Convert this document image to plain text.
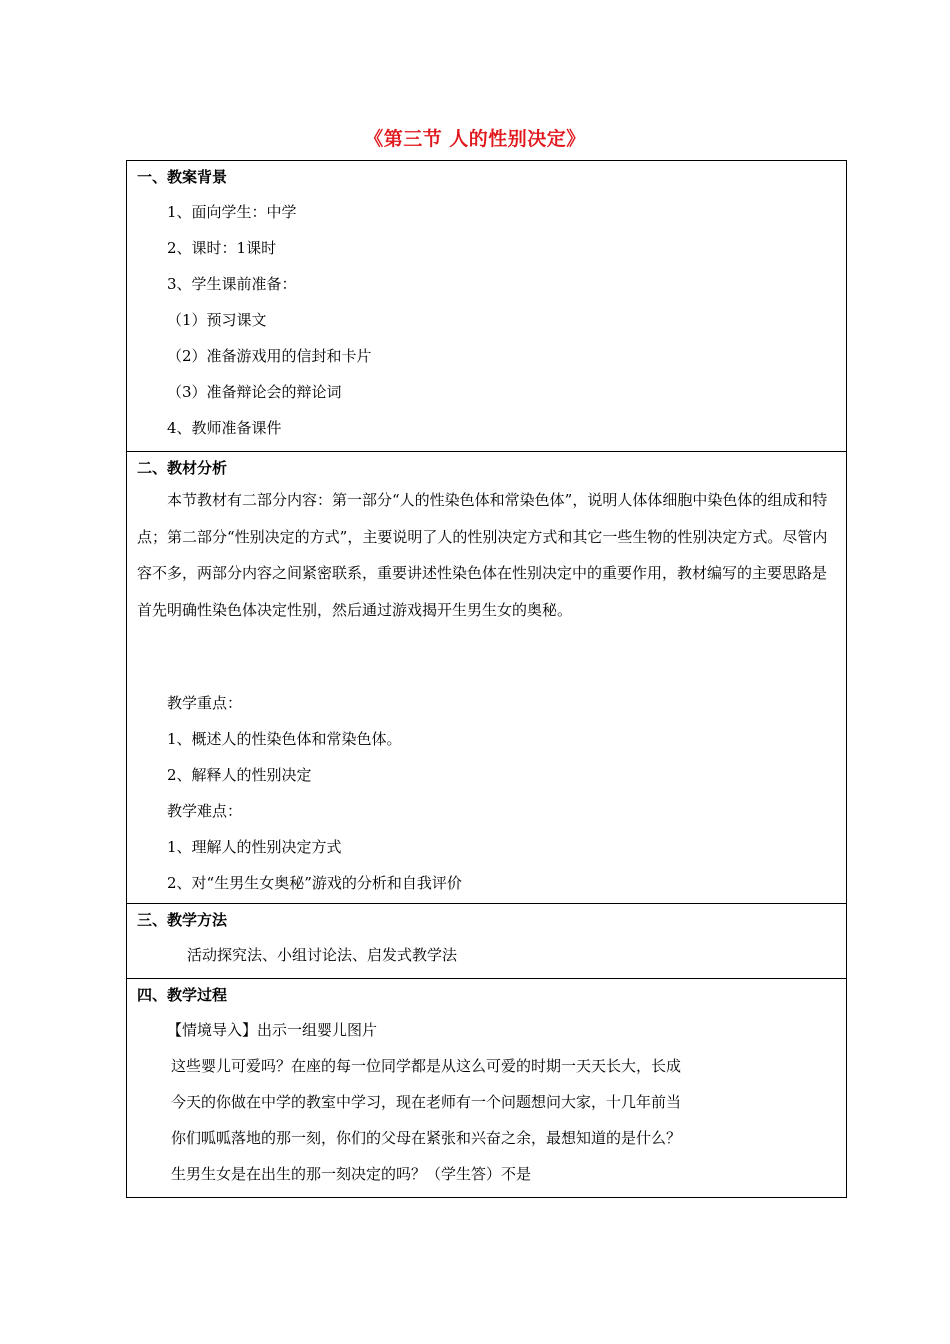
《第三节 人的性别决定》
一、教案背景
1、面向学生：中学
2、课时：1课时
3、学生课前准备：
（1）预习课文
（2）准备游戏用的信封和卡片
（3）准备辩论会的辩论词
4、教师准备课件
二、教材分析
本节教材有二部分内容：第一部分“人的性染色体和常染色体”，说明人体体细胞中染色体的组成和特点；第二部分“性别决定的方式”，主要说明了人的性别决定方式和其它一些生物的性别决定方式。尽管内容不多，两部分内容之间紧密联系，重要讲述性染色体在性别决定中的重要作用，教材编写的主要思路是首先明确性染色体决定性别，然后通过游戏揭开生男生女的奥秘。
教学重点：
1、概述人的性染色体和常染色体。
2、解释人的性别决定
教学难点：
1、理解人的性别决定方式
2、对“生男生女奥秘”游戏的分析和自我评价
三、教学方法
活动探究法、小组讨论法、启发式教学法
四、教学过程
【情境导入】出示一组婴儿图片
这些婴儿可爱吗？在座的每一位同学都是从这么可爱的时期一天天长大，长成
今天的你做在中学的教室中学习，现在老师有一个问题想问大家，十几年前当
你们呱呱落地的那一刻，你们的父母在紧张和兴奋之余，最想知道的是什么？
生男生女是在出生的那一刻决定的吗？（学生答）不是
